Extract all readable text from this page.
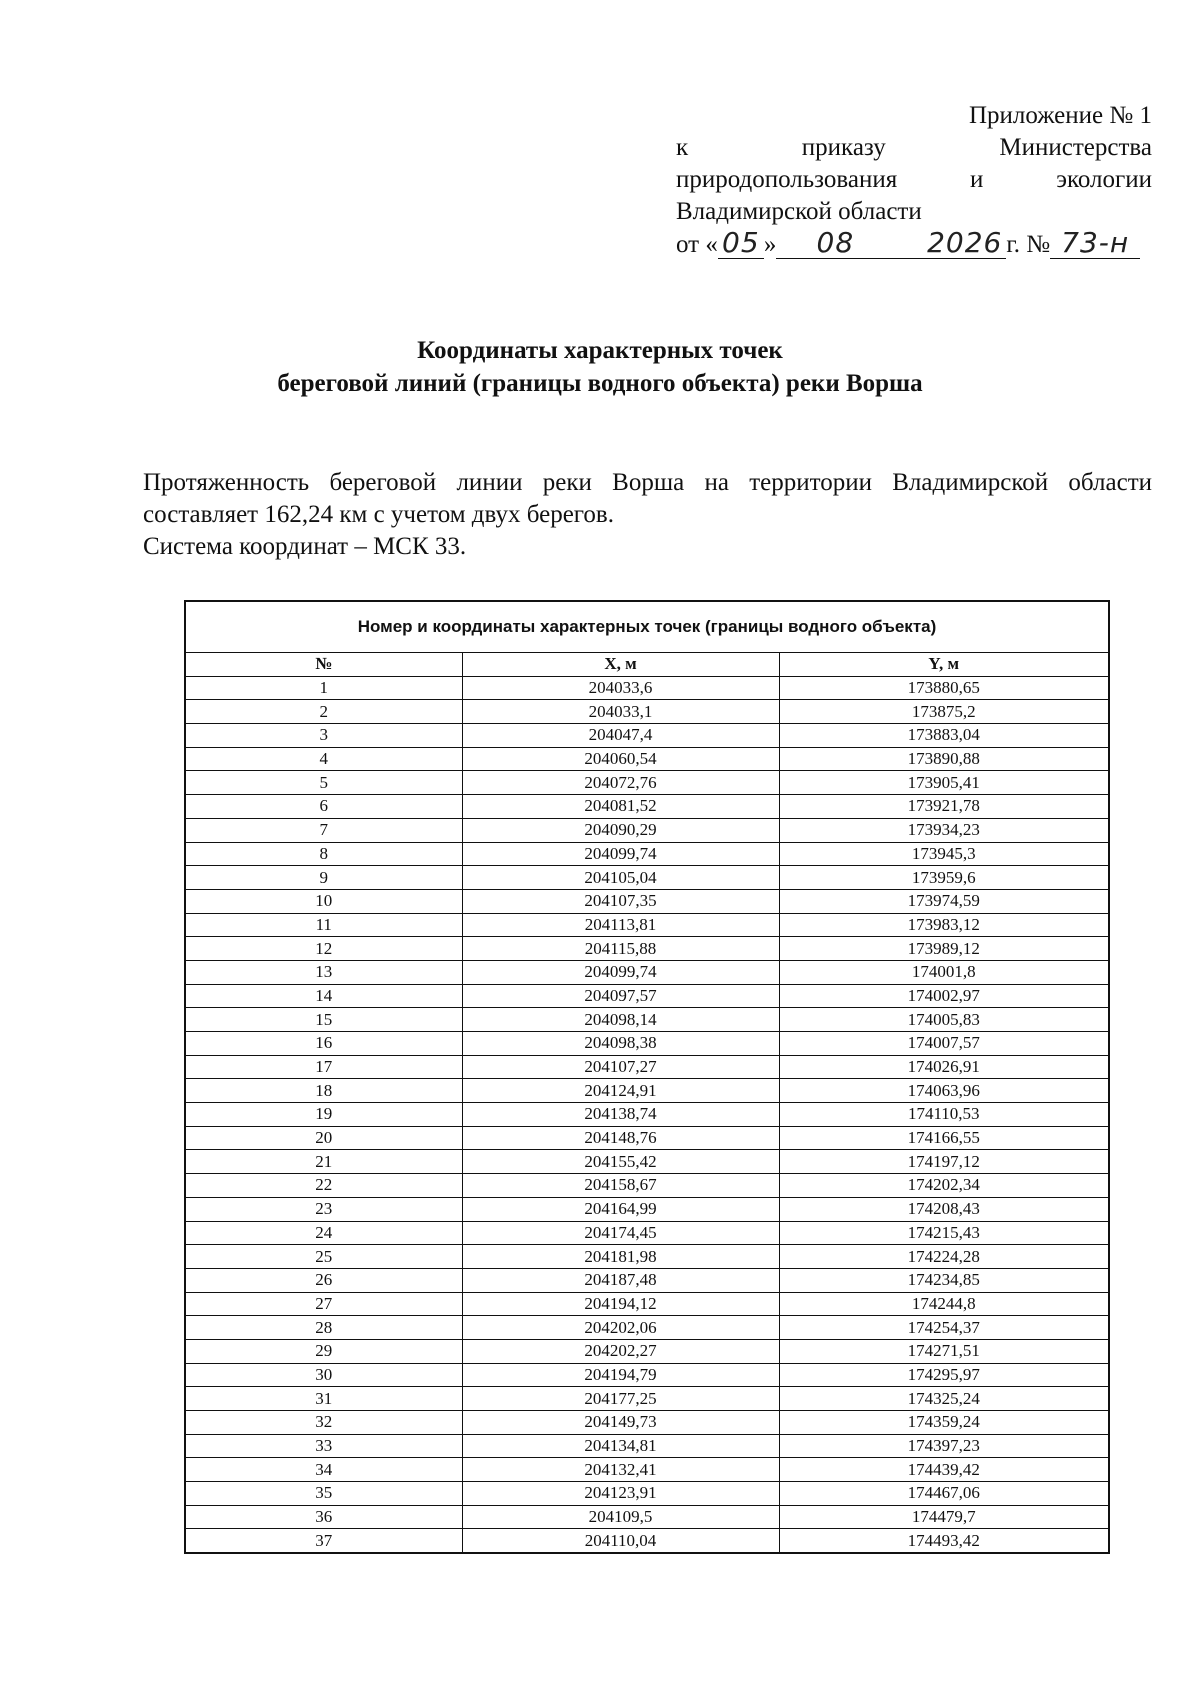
Приложение № 1
к	приказу	Министерства
природопользования	и	экологии
Владимирской области
от « 05 »	08	2026 г. № 73-н
Координаты характерных точек
береговой линий (границы водного объекта) реки Ворша

Протяженность береговой линии реки Ворша на территории Владимирской области составляет 162,24 км с учетом двух берегов.

Система координат – МСК 33.

Номер и координаты характерных точек (границы водного объекта)		
№	X, м	Y, м
1	204033,6	173880,65
2	204033,1	173875,2
3	204047,4	173883,04
4	204060,54	173890,88
5	204072,76	173905,41
6	204081,52	173921,78
7	204090,29	173934,23
8	204099,74	173945,3
9	204105,04	173959,6
10	204107,35	173974,59
11	204113,81	173983,12
12	204115,88	173989,12
13	204099,74	174001,8
14	204097,57	174002,97
15	204098,14	174005,83
16	204098,38	174007,57
17	204107,27	174026,91
18	204124,91	174063,96
19	204138,74	174110,53
20	204148,76	174166,55
21	204155,42	174197,12
22	204158,67	174202,34
23	204164,99	174208,43
24	204174,45	174215,43
25	204181,98	174224,28
26	204187,48	174234,85
27	204194,12	174244,8
28	204202,06	174254,37
29	204202,27	174271,51
30	204194,79	174295,97
31	204177,25	174325,24
32	204149,73	174359,24
33	204134,81	174397,23
34	204132,41	174439,42
35	204123,91	174467,06
36	204109,5	174479,7
37	204110,04	174493,42
